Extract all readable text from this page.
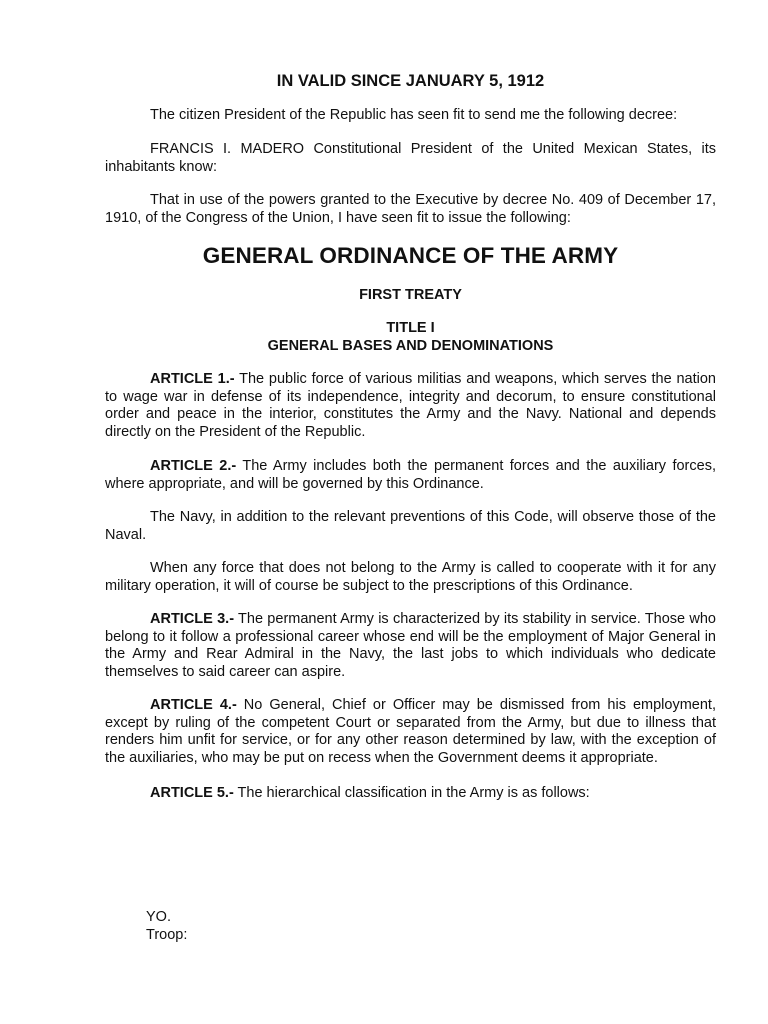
IN VALID SINCE JANUARY 5, 1912

The citizen President of the Republic has seen fit to send me the following decree:

FRANCIS I. MADERO Constitutional President of the United Mexican States, its inhabitants know:

That in use of the powers granted to the Executive by decree No. 409 of December 17, 1910, of the Congress of the Union, I have seen fit to issue the following:

GENERAL ORDINANCE OF THE ARMY

FIRST TREATY

TITLE I
GENERAL BASES AND DENOMINATIONS

ARTICLE 1.- The public force of various militias and weapons, which serves the nation to wage war in defense of its independence, integrity and decorum, to ensure constitutional order and peace in the interior, constitutes the Army and the Navy. National and depends directly on the President of the Republic.

ARTICLE 2.- The Army includes both the permanent forces and the auxiliary forces, where appropriate, and will be governed by this Ordinance.

The Navy, in addition to the relevant preventions of this Code, will observe those of the Naval.

When any force that does not belong to the Army is called to cooperate with it for any military operation, it will of course be subject to the prescriptions of this Ordinance.

ARTICLE 3.- The permanent Army is characterized by its stability in service. Those who belong to it follow a professional career whose end will be the employment of Major General in the Army and Rear Admiral in the Navy, the last jobs to which individuals who dedicate themselves to said career can aspire.

ARTICLE 4.- No General, Chief or Officer may be dismissed from his employment, except by ruling of the competent Court or separated from the Army, but due to illness that renders him unfit for service, or for any other reason determined by law, with the exception of the auxiliaries, who may be put on recess when the Government deems it appropriate.

ARTICLE 5.- The hierarchical classification in the Army is as follows:

YO.

Troop:
